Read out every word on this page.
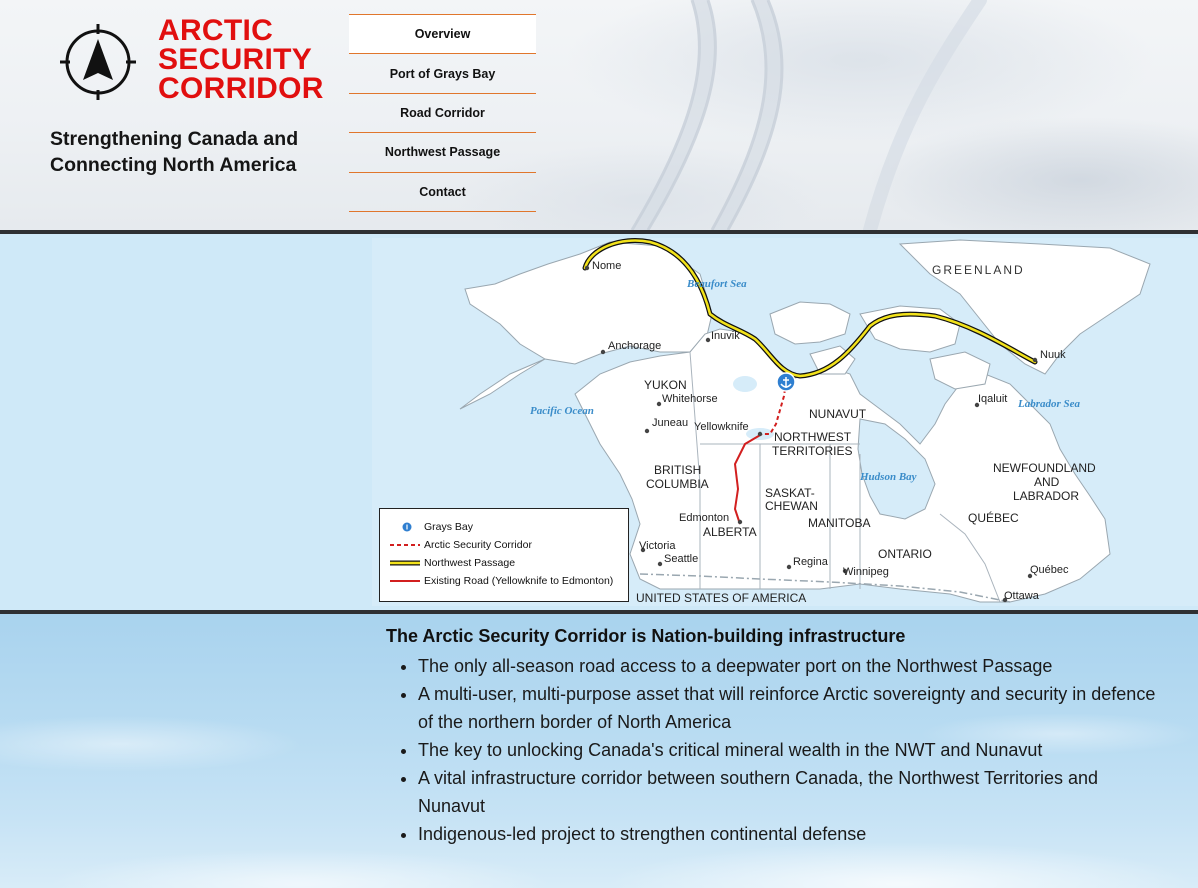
ARCTIC
SECURITY
CORRIDOR
Strengthening Canada and
Connecting North America
Overview
Port of Grays Bay
Road Corridor
Northwest Passage
Contact
GREENLAND
Beaufort Sea
Pacific Ocean
Labrador Sea
Hudson Bay
Nome
Anchorage
Inuvik
YUKON
Whitehorse
Juneau Yellowknife
NUNAVUT
NORTHWEST
TERRITORIES
Iqaluit
Nuuk
BRITISH
COLUMBIA
SASKAT-
CHEWAN
Edmonton
ALBERTA
MANITOBA
NEWFOUNDLAND
AND
LABRADOR
QUÉBEC
Victoria
Seattle	Regina
Winnipeg
ONTARIO
Québec
Ottawa
UNITED STATES OF AMERICA
Grays Bay
Arctic Security Corridor
Northwest Passage
Existing Road (Yellowknife to Edmonton)
The Arctic Security Corridor is Nation-building infrastructure
• The only all-season road access to a deepwater port on the Northwest Passage
• A multi-user, multi-purpose asset that will reinforce Arctic sovereignty and security in defence of the northern border of North America
• The key to unlocking Canada's critical mineral wealth in the NWT and Nunavut
• A vital infrastructure corridor between southern Canada, the Northwest Territories and Nunavut
• Indigenous-led project to strengthen continental defense
